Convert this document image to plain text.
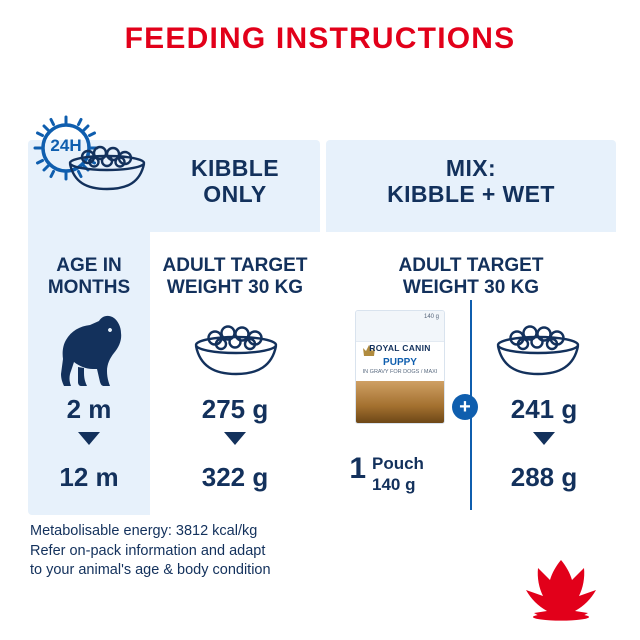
FEEDING INSTRUCTIONS
24H
KIBBLE
ONLY
MIX:
KIBBLE + WET
AGE IN
MONTHS
ADULT TARGET
WEIGHT 30 KG
ADULT TARGET
WEIGHT 30 KG
140 g
ROYAL CANIN
PUPPY
IN GRAVY FOR DOGS / MAXI
+
1 Pouch
140 g
2 m
12 m
275 g
322 g
241 g
288 g
Metabolisable energy: 3812 kcal/kg
Refer on-pack information and adapt
to your animal's age & body condition
